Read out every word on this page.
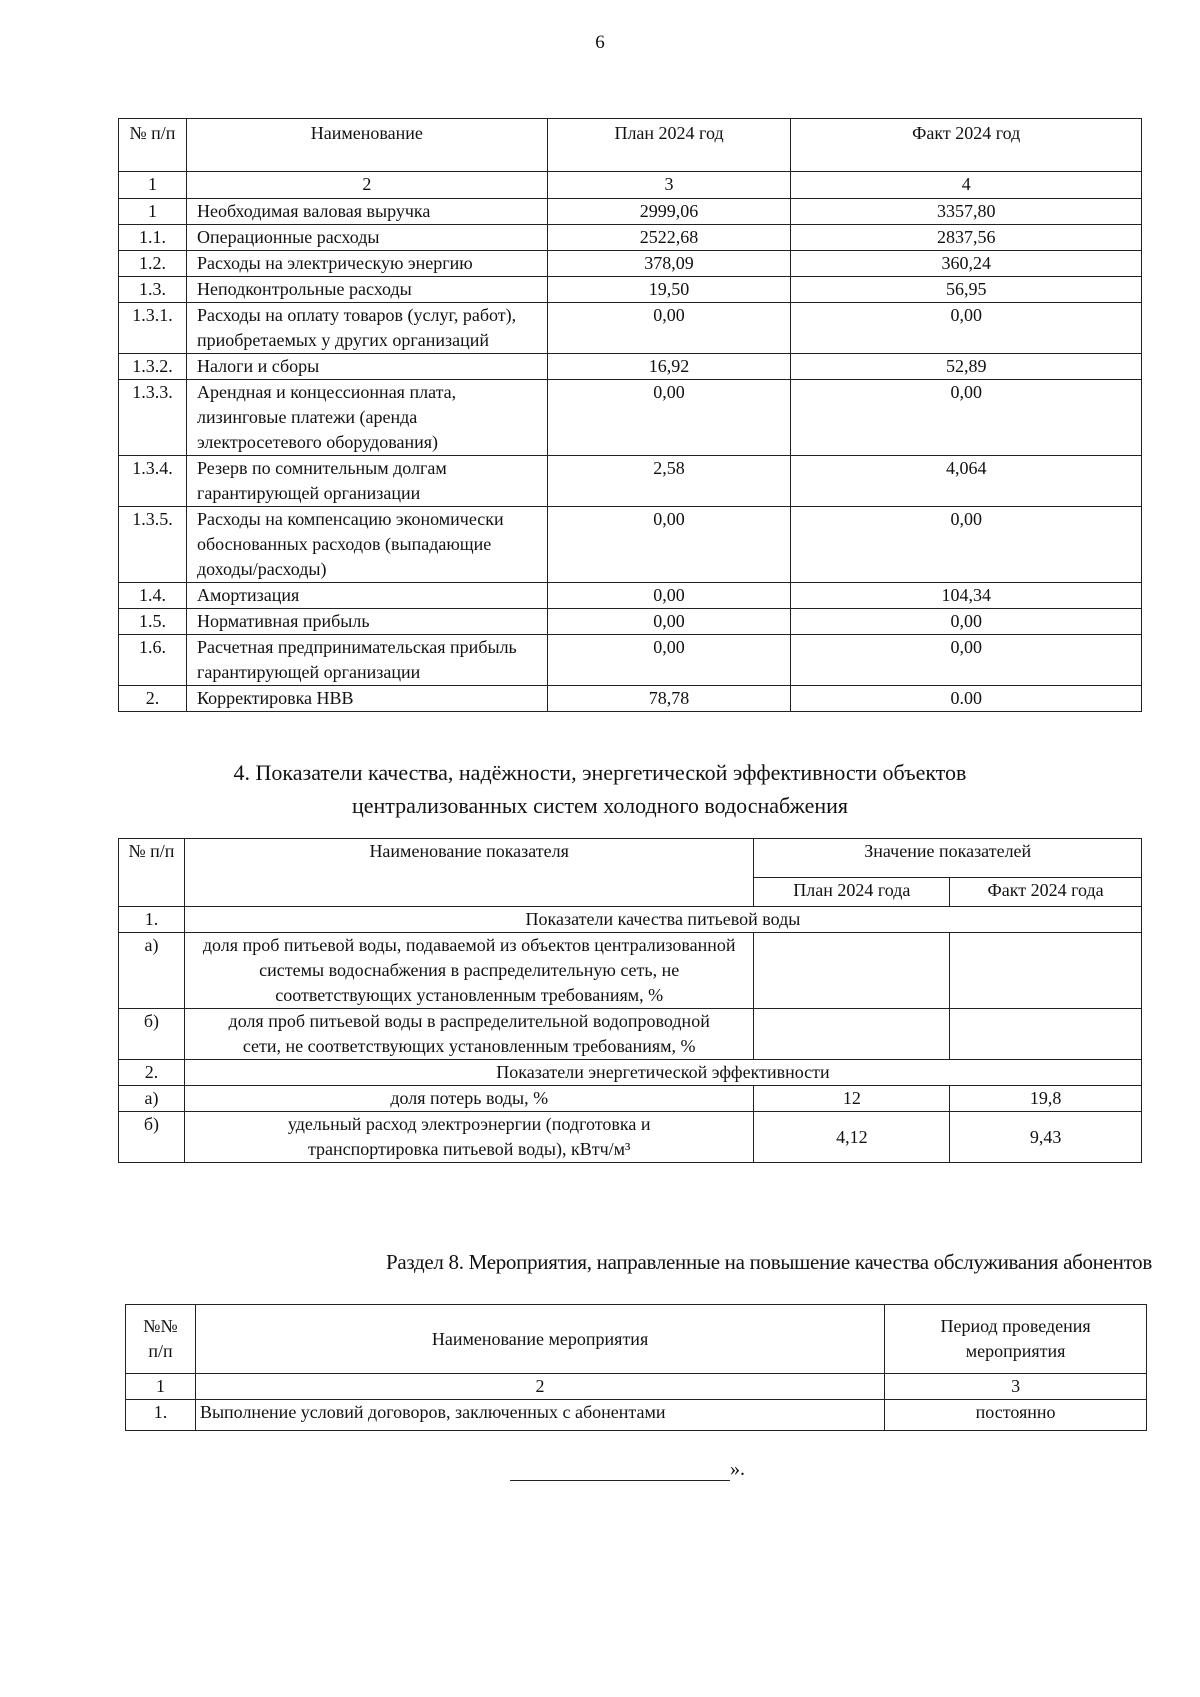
6
№ п/п	Наименование	План 2024 год	Факт 2024 год
1	2	3	4
1	Необходимая валовая выручка	2999,06	3357,80
1.1.	Операционные расходы	2522,68	2837,56
1.2.	Расходы на электрическую энергию	378,09	360,24
1.3.	Неподконтрольные расходы	19,50	56,95
1.3.1.	Расходы на оплату товаров (услуг, работ), приобретаемых у других организаций	0,00	0,00
1.3.2.	Налоги и сборы	16,92	52,89
1.3.3.	Арендная и концессионная плата, лизинговые платежи (аренда электросетевого оборудования)	0,00	0,00
1.3.4.	Резерв по сомнительным долгам гарантирующей организации	2,58	4,064
1.3.5.	Расходы на компенсацию экономически обоснованных расходов (выпадающие доходы/расходы)	0,00	0,00
1.4.	Амортизация	0,00	104,34
1.5.	Нормативная прибыль	0,00	0,00
1.6.	Расчетная предпринимательская прибыль гарантирующей организации	0,00	0,00
2.	Корректировка НВВ	78,78	0.00
4. Показатели качества, надёжности, энергетической эффективности объектов
централизованных систем холодного водоснабжения
№ п/п	Наименование показателя	Значение показателей	
		План 2024 года	Факт 2024 года
1.	Показатели качества питьевой воды		
а)	доля проб питьевой воды, подаваемой из объектов централизованной системы водоснабжения в распределительную сеть, не соответствующих установленным требованиям, %		
б)	доля проб питьевой воды в распределительной водопроводной сети, не соответствующих установленным требованиям, %		
2.	Показатели энергетической эффективности		
а)	доля потерь воды, %	12	19,8
б)	удельный расход электроэнергии (подготовка и транспортировка питьевой воды), кВтч/м³	4,12	9,43
Раздел 8. Мероприятия, направленные на повышение качества обслуживания абонентов
№№ п/п	Наименование мероприятия	Период проведения мероприятия
1	2	3
1.	Выполнение условий договоров, заключенных с абонентами	постоянно
».
